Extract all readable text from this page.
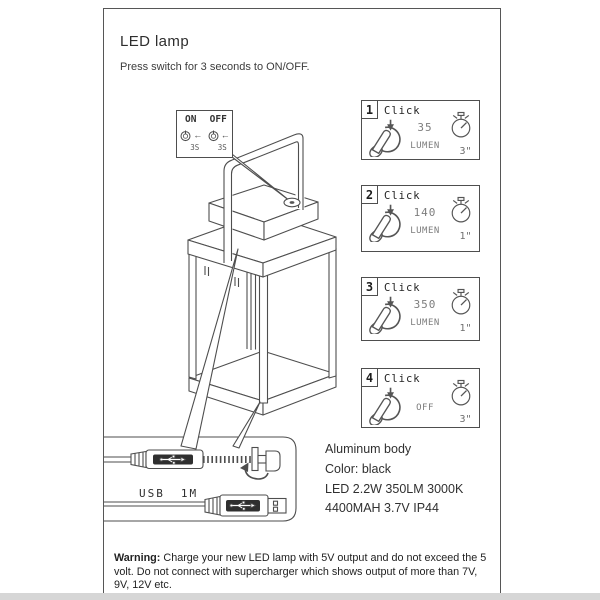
LED lamp
Press switch for 3 seconds to ON/OFF.
ON
←
3S
OFF
←
3S
1	Click
35
LUMEN	3"
2	Click
140
LUMEN	1"
3	Click
350
LUMEN	1"
4	Click
OFF
3"
USB 1M
Aluminum body
Color: black
LED 2.2W 350LM 3000K
4400MAH 3.7V IP44
Warning: Charge your new LED lamp with 5V output and do not exceed the 5 volt. Do not connect with supercharger which shows output of more than 7V, 9V, 12V etc.
